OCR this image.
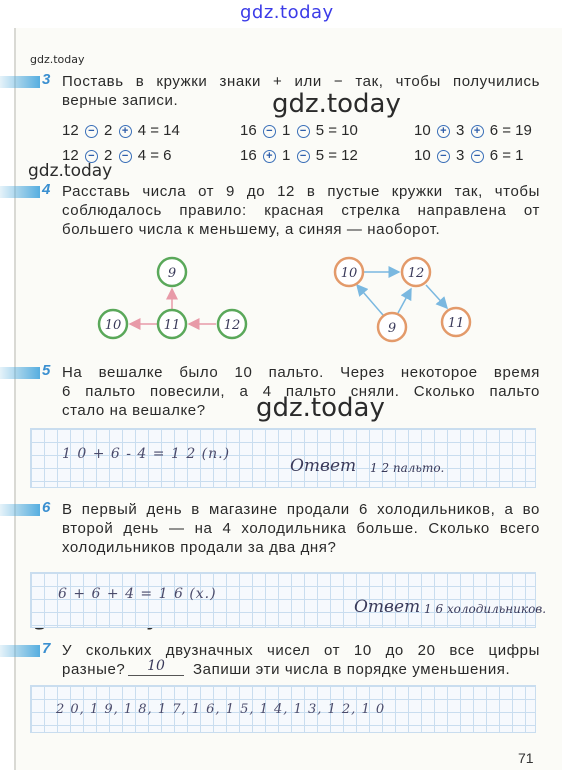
gdz.today
gdz.today
gdz.today
gdz.today
gdz.today
3 Поставь в кружки знаки + или − так, чтобы получились
верные записи.
12 − 2 + 4 = 14	16 − 1 − 5 = 10	10 + 3 + 6 = 19
12 − 2 − 4 = 6	16 + 1 − 5 = 12	10 − 3 − 6 = 1
4 Расставь числа от 9 до 12 в пустые кружки так, чтобы
соблюдалось правило: красная стрелка направлена от
большего числа к меньшему, а синяя — наоборот.
9
10	11	12
10	12
9	11
5 На вешалке было 10 пальто. Через некоторое время
6 пальто повесили, а 4 пальто сняли. Сколько пальто
стало на вешалке?
1 0 + 6 - 4 = 1 2 (п.)
Ответ 1 2 пальто.
6 В первый день в магазине продали 6 холодильников, а во
второй день — на 4 холодильника больше. Сколько всего
холодильников продали за два дня?
6 + 6 + 4 = 1 6 (х.)
Ответ 1 6 холодильников.
7 У скольких двузначных чисел от 10 до 20 все цифры
разные?	10	Запиши эти числа в порядке уменьшения.
2 0, 1 9, 1 8, 1 7, 1 6, 1 5, 1 4, 1 3, 1 2, 1 0
71
